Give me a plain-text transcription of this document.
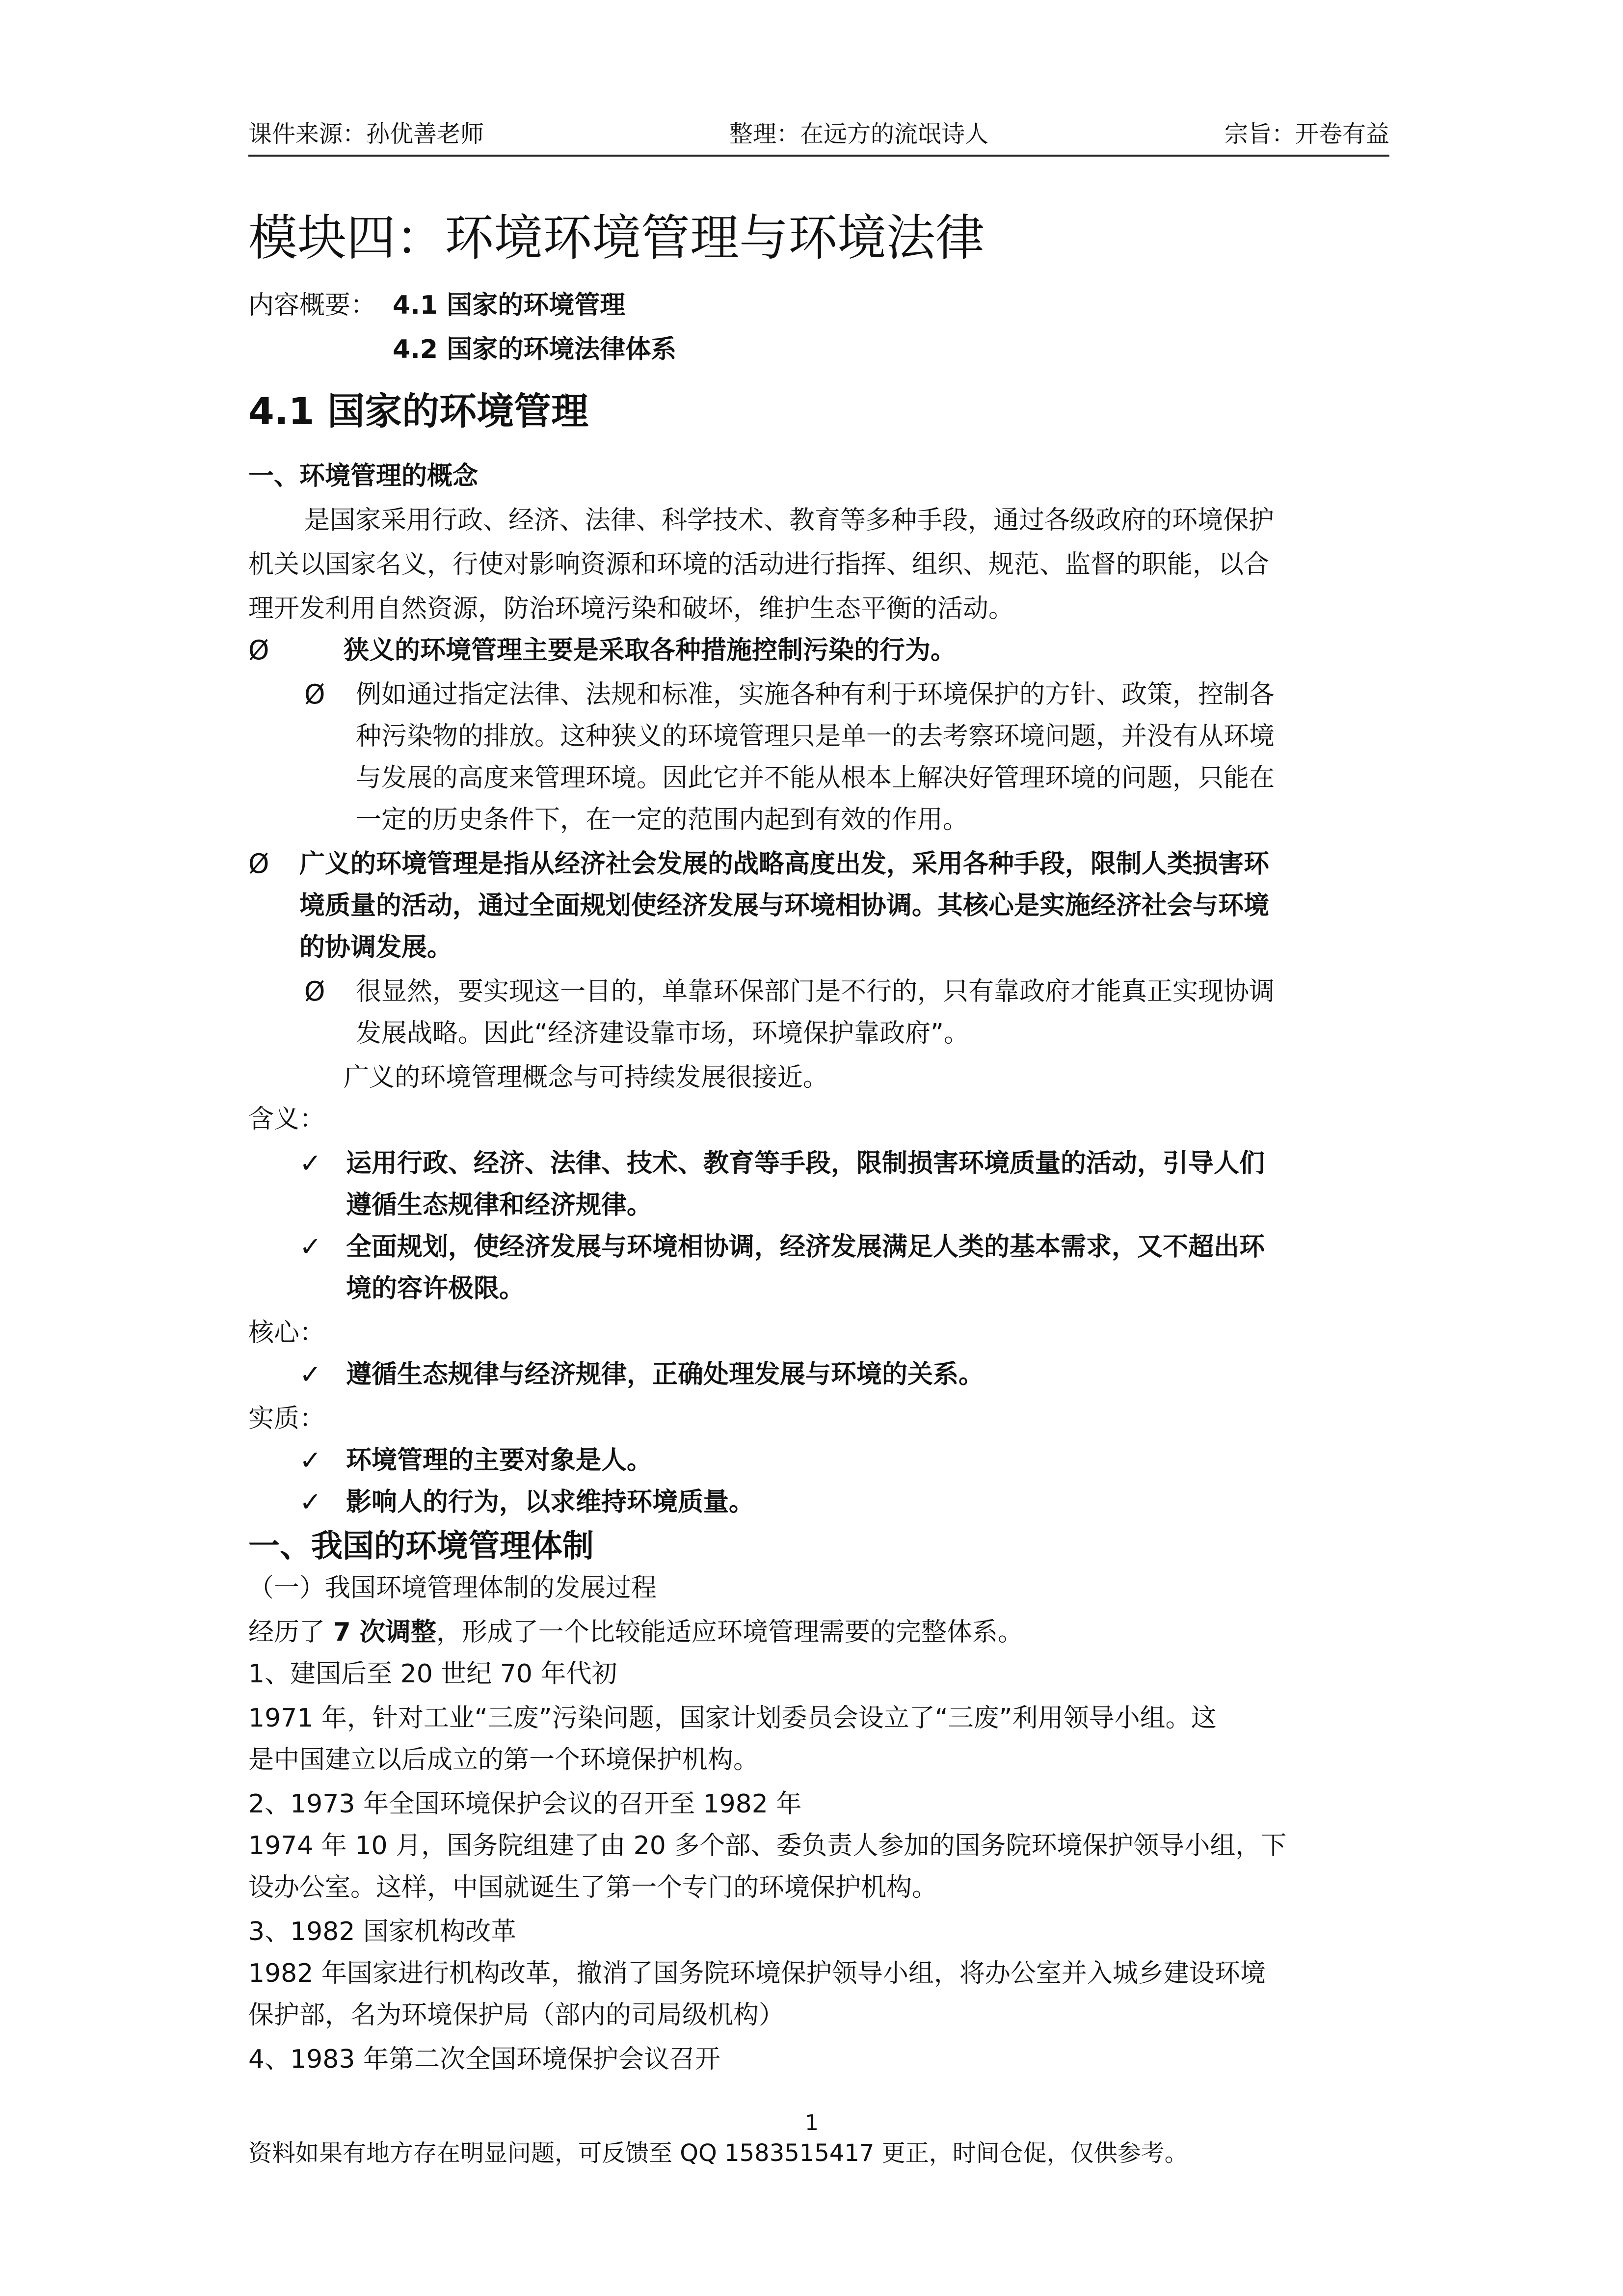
课件来源：孙优善老师	整理：在远方的流氓诗人	宗旨：开卷有益
模块四：环境环境管理与环境法律
内容概要： 4.1 国家的环境管理
4.2 国家的环境法律体系
4.1 国家的环境管理
一、环境管理的概念
是国家采用行政、经济、法律、科学技术、教育等多种手段，通过各级政府的环境保护
机关以国家名义，行使对影响资源和环境的活动进行指挥、组织、规范、监督的职能，以合
理开发利用自然资源，防治环境污染和破坏，维护生态平衡的活动。
Ø	狭义的环境管理主要是采取各种措施控制污染的行为。
Ø 例如通过指定法律、法规和标准，实施各种有利于环境保护的方针、政策，控制各
种污染物的排放。这种狭义的环境管理只是单一的去考察环境问题，并没有从环境
与发展的高度来管理环境。因此它并不能从根本上解决好管理环境的问题，只能在
一定的历史条件下，在一定的范围内起到有效的作用。
Ø 广义的环境管理是指从经济社会发展的战略高度出发，采用各种手段，限制人类损害环
境质量的活动，通过全面规划使经济发展与环境相协调。其核心是实施经济社会与环境
的协调发展。
Ø 很显然，要实现这一目的，单靠环保部门是不行的，只有靠政府才能真正实现协调
发展战略。因此“经济建设靠市场，环境保护靠政府”。
广义的环境管理概念与可持续发展很接近。
含义：
✓ 运用行政、经济、法律、技术、教育等手段，限制损害环境质量的活动，引导人们
遵循生态规律和经济规律。
✓ 全面规划，使经济发展与环境相协调，经济发展满足人类的基本需求，又不超出环
境的容许极限。
核心：
✓ 遵循生态规律与经济规律，正确处理发展与环境的关系。
实质：
✓ 环境管理的主要对象是人。
✓ 影响人的行为，以求维持环境质量。
一、我国的环境管理体制
（一）我国环境管理体制的发展过程
经历了 7 次调整，形成了一个比较能适应环境管理需要的完整体系。
1、建国后至 20 世纪 70 年代初
1971 年，针对工业“三废”污染问题，国家计划委员会设立了“三废”利用领导小组。这
是中国建立以后成立的第一个环境保护机构。
2、1973 年全国环境保护会议的召开至 1982 年
1974 年 10 月，国务院组建了由 20 多个部、委负责人参加的国务院环境保护领导小组，下
设办公室。这样，中国就诞生了第一个专门的环境保护机构。
3、1982 国家机构改革
1982 年国家进行机构改革，撤消了国务院环境保护领导小组，将办公室并入城乡建设环境
保护部，名为环境保护局（部内的司局级机构）
4、1983 年第二次全国环境保护会议召开
1
资料如果有地方存在明显问题，可反馈至 QQ 1583515417 更正，时间仓促，仅供参考。
